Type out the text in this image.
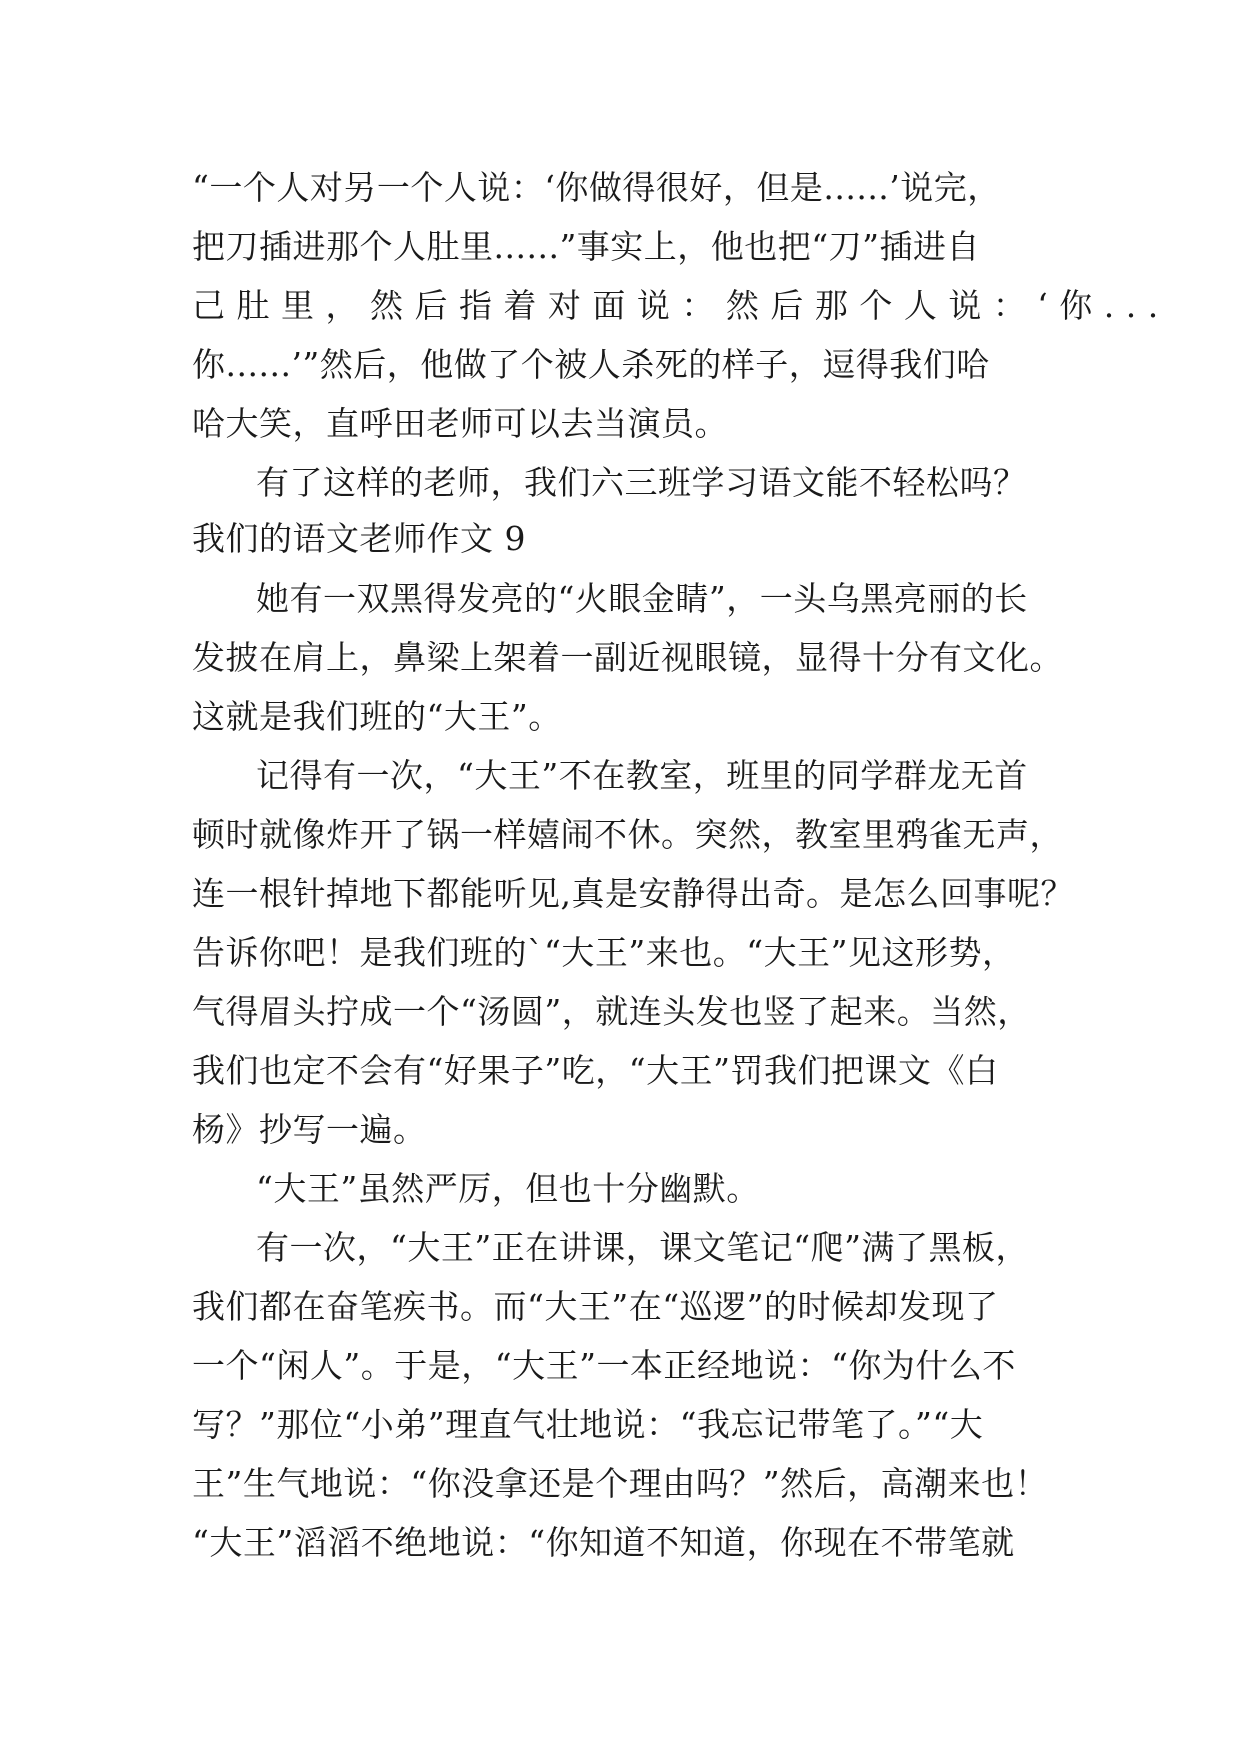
“一个人对另一个人说：‘你做得很好，但是......’说完，
把刀插进那个人肚里......”事实上，他也把“刀”插进自
己 肚 里 ， 然 后 指 着 对 面 说 ： 然 后 那 个 人 说 ： ‘ 你 . . .
你......’”然后，他做了个被人杀死的样子，逗得我们哈
哈大笑，直呼田老师可以去当演员。
有了这样的老师，我们六三班学习语文能不轻松吗？
我们的语文老师作文 9
她有一双黑得发亮的“火眼金睛”，一头乌黑亮丽的长
发披在肩上，鼻梁上架着一副近视眼镜，显得十分有文化。
这就是我们班的“大王”。
记得有一次，“大王”不在教室，班里的同学群龙无首
顿时就像炸开了锅一样嬉闹不休。突然，教室里鸦雀无声，
连一根针掉地下都能听见,真是安静得出奇。是怎么回事呢？
告诉你吧！是我们班的`“大王”来也。“大王”见这形势，
气得眉头拧成一个“汤圆”，就连头发也竖了起来。当然，
我们也定不会有“好果子”吃，“大王”罚我们把课文《白
杨》抄写一遍。
“大王”虽然严厉，但也十分幽默。
有一次，“大王”正在讲课，课文笔记“爬”满了黑板，
我们都在奋笔疾书。而“大王”在“巡逻”的时候却发现了
一个“闲人”。于是，“大王”一本正经地说：“你为什么不
写？”那位“小弟”理直气壮地说：“我忘记带笔了。”“大
王”生气地说：“你没拿还是个理由吗？”然后，高潮来也！
“大王”滔滔不绝地说：“你知道不知道，你现在不带笔就
